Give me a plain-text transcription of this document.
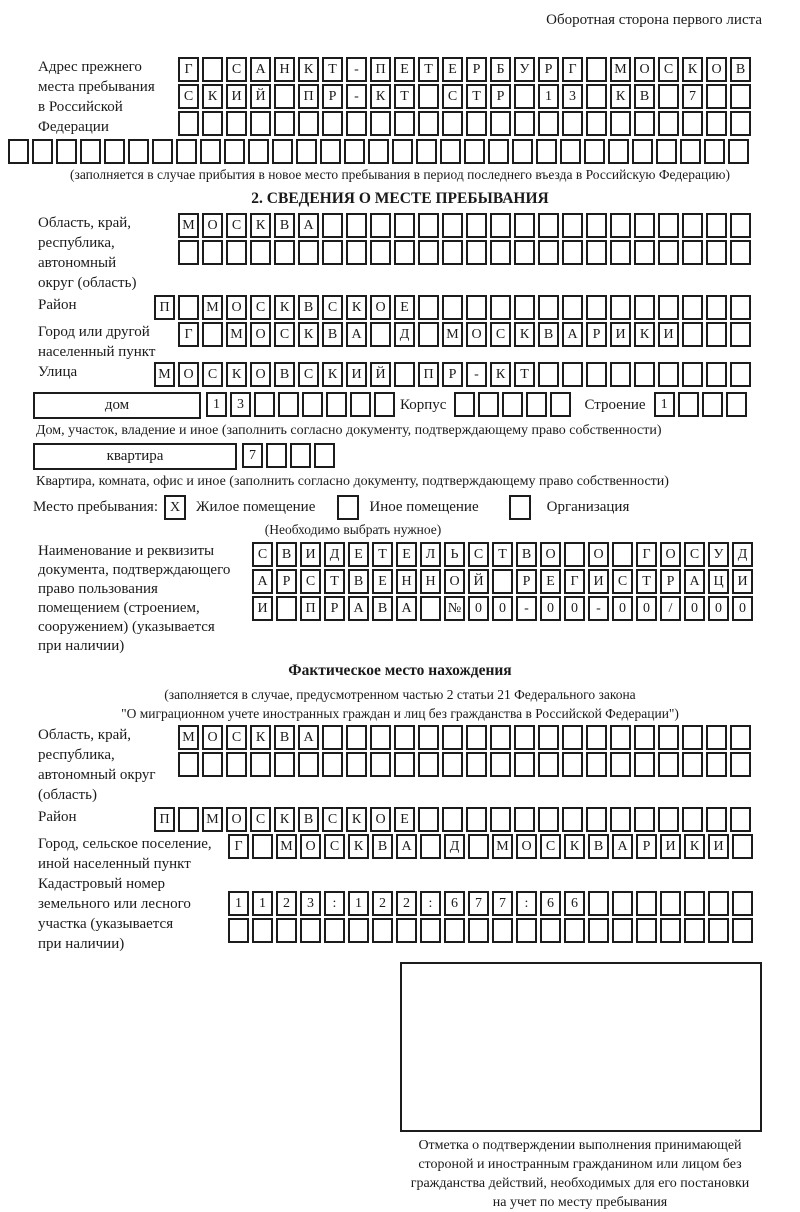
Оборотная сторона первого листа
Адрес прежнего
места пребывания
в Российской
Федерации
Г	С	А Н	К	Т	-	П	Е	Т	Е	Р	Б	У	Р	Г	М О	С	К	О	В
С	К	И Й	П	Р	-	К	Т	С	Т	Р	1	3	К	В	7
(заполняется в случае прибытия в новое место пребывания в период последнего въезда в Российскую Федерацию)
2. СВЕДЕНИЯ О МЕСТЕ ПРЕБЫВАНИЯ
Область, край,
республика,
автономный
округ (область)
М О	С	К	В	А
Район	П	М О	С	К	В	С	К	О	Е
Город или другой
населенный пункт
Г	М О	С	К	В	А	Д	М О	С	К	В	А	Р	И	К	И
Улица	М О	С	К	О	В	С	К	И Й	П	Р	-	К	Т
дом	1	3	Корпус	Строение	1
Дом, участок, владение и иное (заполнить согласно документу, подтверждающему право собственности)
квартира	7
Квартира, комната, офис и иное (заполнить согласно документу, подтверждающему право собственности)
Место пребывания: X	Жилое помещение	Иное помещение	Организация
(Необходимо выбрать нужное)
Наименование и реквизиты
документа, подтверждающего
право пользования
помещением (строением,
сооружением) (указывается
при наличии)
С	В	И	Д	Е	Т	Е	Л	Ь	С	Т	В	О	О	Г	О	С	У	Д
А	Р	С	Т	В	Е	Н Н О Й	Р	Е	Г	И	С	Т	Р	А Ц И
И	П	Р	А	В	А	№ 0	0	-	0	0	-	0	0	/	0	0	0
Фактическое место нахождения
(заполняется в случае, предусмотренном частью 2 статьи 21 Федерального закона
"О миграционном учете иностранных граждан и лиц без гражданства в Российской Федерации")
Область, край,
республика,
автономный округ
(область)
М О	С	К	В	А
Район	П	М О	С	К	В	С	К	О	Е
Город, сельское поселение,
иной населенный пункт
Г	М О	С	К	В	А	Д	М О	С	К	В	А	Р	И	К	И
Кадастровый номер
земельного или лесного
участка (указывается
при наличии)
1	1	2	3	:	1	2	2	:	6	7	7	:	6	6
Отметка о подтверждении выполнения принимающей
стороной и иностранным гражданином или лицом без
гражданства действий, необходимых для его постановки
на учет по месту пребывания
